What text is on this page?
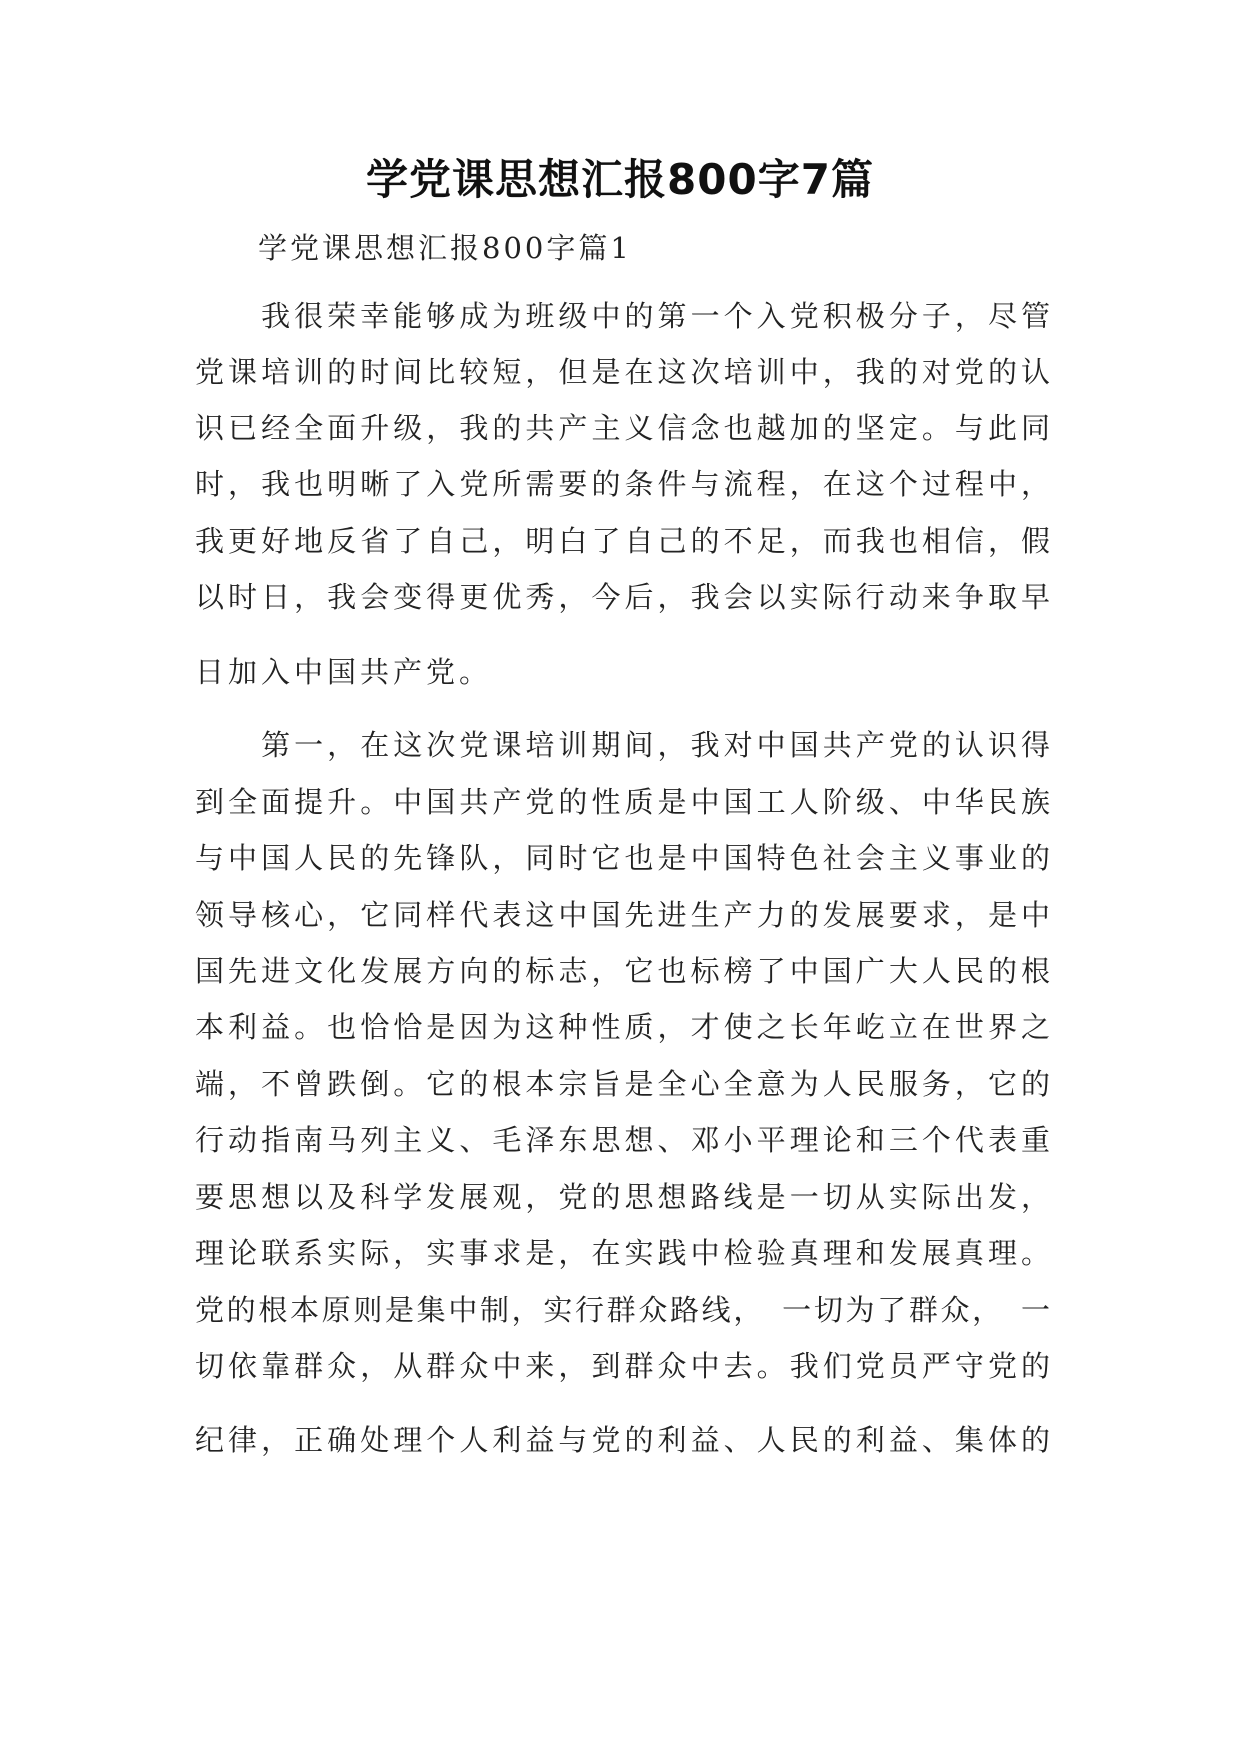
学党课思想汇报800字7篇
学党课思想汇报800字篇1
　　我很荣幸能够成为班级中的第一个入党积极分子，尽管
党课培训的时间比较短，但是在这次培训中，我的对党的认
识已经全面升级，我的共产主义信念也越加的坚定。与此同
时，我也明晰了入党所需要的条件与流程，在这个过程中，
我更好地反省了自己，明白了自己的不足，而我也相信，假
以时日，我会变得更优秀，今后，我会以实际行动来争取早
日加入中国共产党。
　　第一，在这次党课培训期间，我对中国共产党的认识得
到全面提升。中国共产党的性质是中国工人阶级、中华民族
与中国人民的先锋队，同时它也是中国特色社会主义事业的
领导核心，它同样代表这中国先进生产力的发展要求，是中
国先进文化发展方向的标志，它也标榜了中国广大人民的根
本利益。也恰恰是因为这种性质，才使之长年屹立在世界之
端，不曾跌倒。它的根本宗旨是全心全意为人民服务，它的
行动指南马列主义、毛泽东思想、邓小平理论和三个代表重
要思想以及科学发展观，党的思想路线是一切从实际出发，
理论联系实际，实事求是，在实践中检验真理和发展真理。
党的根本原则是集中制，实行群众路线，　一切为了群众，　一
切依靠群众，从群众中来，到群众中去。我们党员严守党的
纪律，正确处理个人利益与党的利益、人民的利益、集体的
